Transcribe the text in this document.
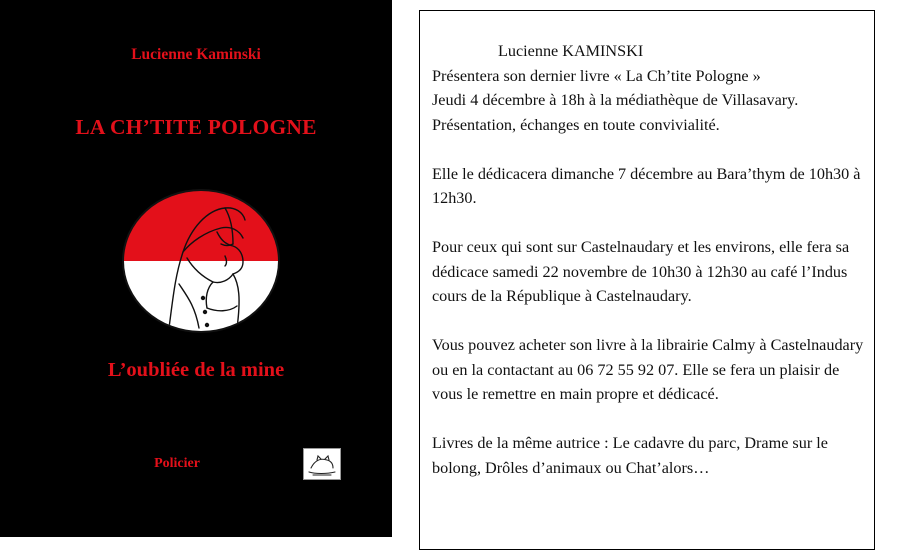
Lucienne Kaminski
LA CH’TITE POLOGNE
L’oubliée de la mine
Policier

Lucienne KAMINSKI
Présentera son dernier livre « La Ch’tite Pologne »
Jeudi 4 décembre à 18h à la médiathèque de Villasavary.
Présentation, échanges en toute convivialité.

Elle le dédicacera dimanche 7 décembre au Bara’thym de 10h30 à 12h30.

Pour ceux qui sont sur Castelnaudary et les environs, elle fera sa dédicace samedi 22 novembre de 10h30 à 12h30 au café l’Indus cours de la République à Castelnaudary.

Vous pouvez acheter son livre à la librairie Calmy à Castelnaudary ou en la contactant au 06 72 55 92 07. Elle se fera un plaisir de vous le remettre en main propre et dédicacé.

Livres de la même autrice : Le cadavre du parc, Drame sur le bolong, Drôles d’animaux ou Chat’alors…
